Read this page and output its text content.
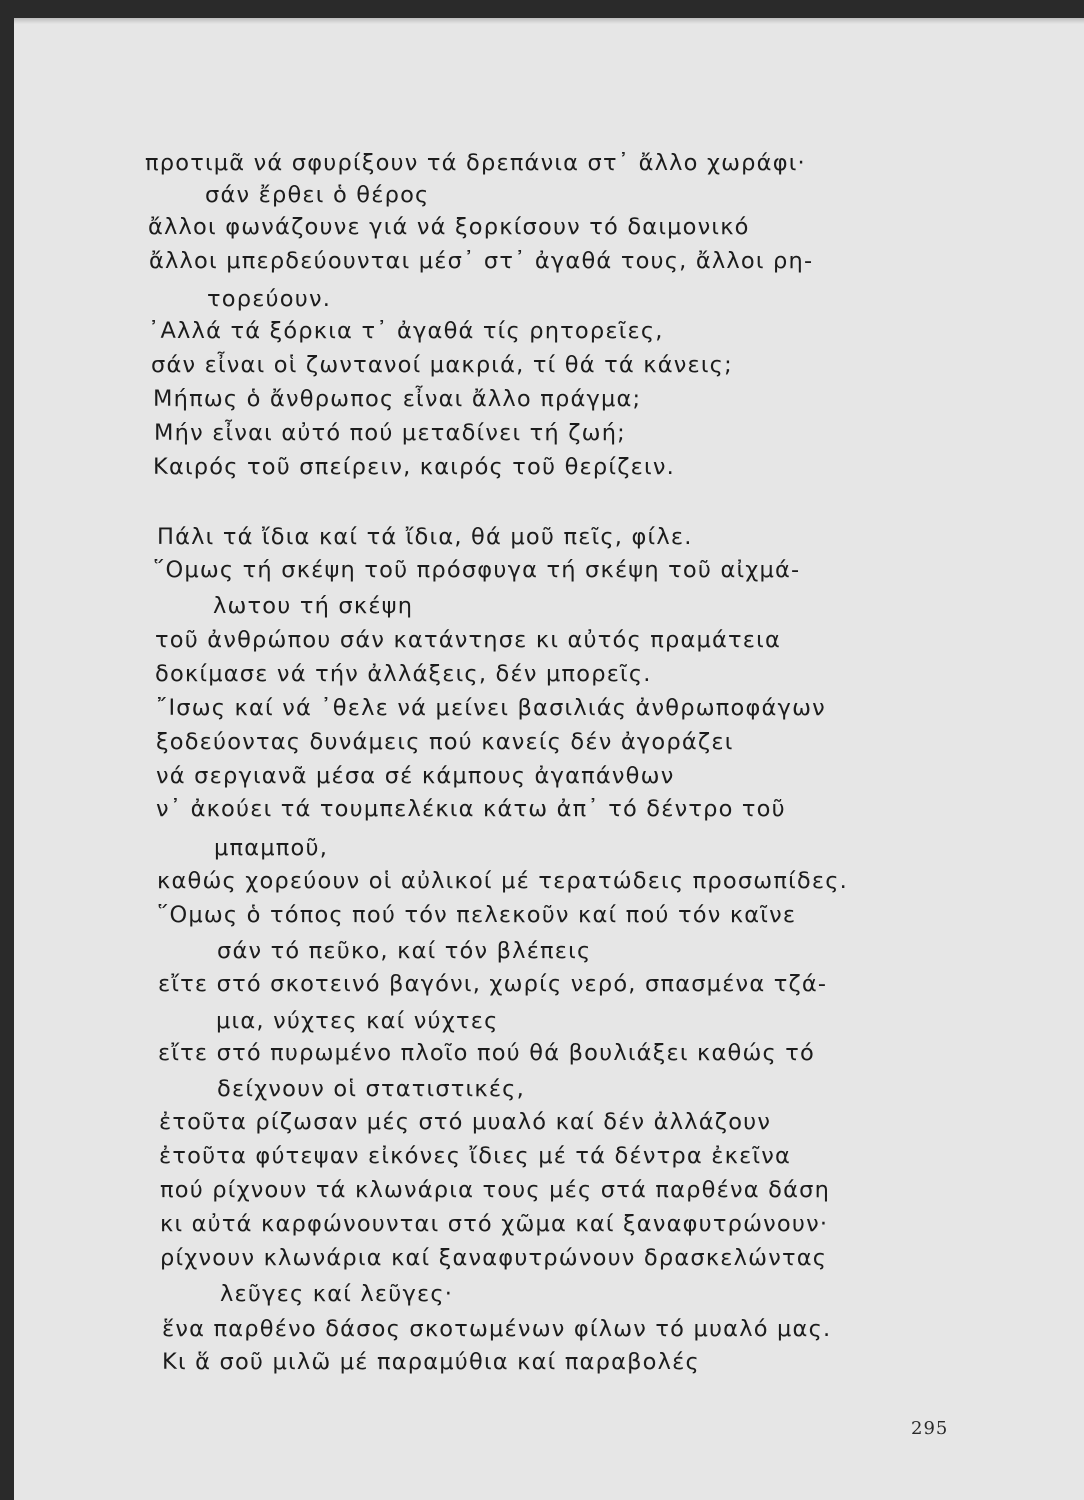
προτιμᾶ νά σφυρίξουν τά δρεπάνια στ᾽ ἄλλο χωράφι·
σάν ἔρθει ὁ θέρος
ἄλλοι φωνάζουνε γιά νά ξορκίσουν τό δαιμονικό
ἄλλοι μπερδεύουνται μέσ᾽ στ᾽ ἀγαθά τους, ἄλλοι ρη-
τορεύουν.
᾽Αλλά τά ξόρκια τ᾽ ἀγαθά τίς ρητορεῖες,
σάν εἶναι οἱ ζωντανοί μακριά, τί θά τά κάνεις;
Μήπως ὁ ἄνθρωπος εἶναι ἄλλο πράγμα;
Μήν εἶναι αὐτό πού μεταδίνει τή ζωή;
Καιρός τοῦ σπείρειν, καιρός τοῦ θερίζειν.
Πάλι τά ἴδια καί τά ἴδια, θά μοῦ πεῖς, φίλε.
῞Ομως τή σκέψη τοῦ πρόσφυγα τή σκέψη τοῦ αἰχμά-
λωτου τή σκέψη
τοῦ ἀνθρώπου σάν κατάντησε κι αὐτός πραμάτεια
δοκίμασε νά τήν ἀλλάξεις, δέν μπορεῖς.
῎Ισως καί νά ᾽θελε νά μείνει βασιλιάς ἀνθρωποφάγων
ξοδεύοντας δυνάμεις πού κανείς δέν ἀγοράζει
νά σεργιανᾶ μέσα σέ κάμπους ἀγαπάνθων
ν᾽ ἀκούει τά τουμπελέκια κάτω ἀπ᾽ τό δέντρο τοῦ
μπαμποῦ,
καθώς χορεύουν οἱ αὐλικοί μέ τερατώδεις προσωπίδες.
῞Ομως ὁ τόπος πού τόν πελεκοῦν καί πού τόν καῖνε
σάν τό πεῦκο, καί τόν βλέπεις
εἴτε στό σκοτεινό βαγόνι, χωρίς νερό, σπασμένα τζά-
μια, νύχτες καί νύχτες
εἴτε στό πυρωμένο πλοῖο πού θά βουλιάξει καθώς τό
δείχνουν οἱ στατιστικές,
ἐτοῦτα ρίζωσαν μές στό μυαλό καί δέν ἀλλάζουν
ἐτοῦτα φύτεψαν εἰκόνες ἴδιες μέ τά δέντρα ἐκεῖνα
πού ρίχνουν τά κλωνάρια τους μές στά παρθένα δάση
κι αὐτά καρφώνουνται στό χῶμα καί ξαναφυτρώνουν·
ρίχνουν κλωνάρια καί ξαναφυτρώνουν δρασκελώντας
λεῦγες καί λεῦγες·
ἕνα παρθένο δάσος σκοτωμένων φίλων τό μυαλό μας.
Κι ἅ σοῦ μιλῶ μέ παραμύθια καί παραβολές
295
